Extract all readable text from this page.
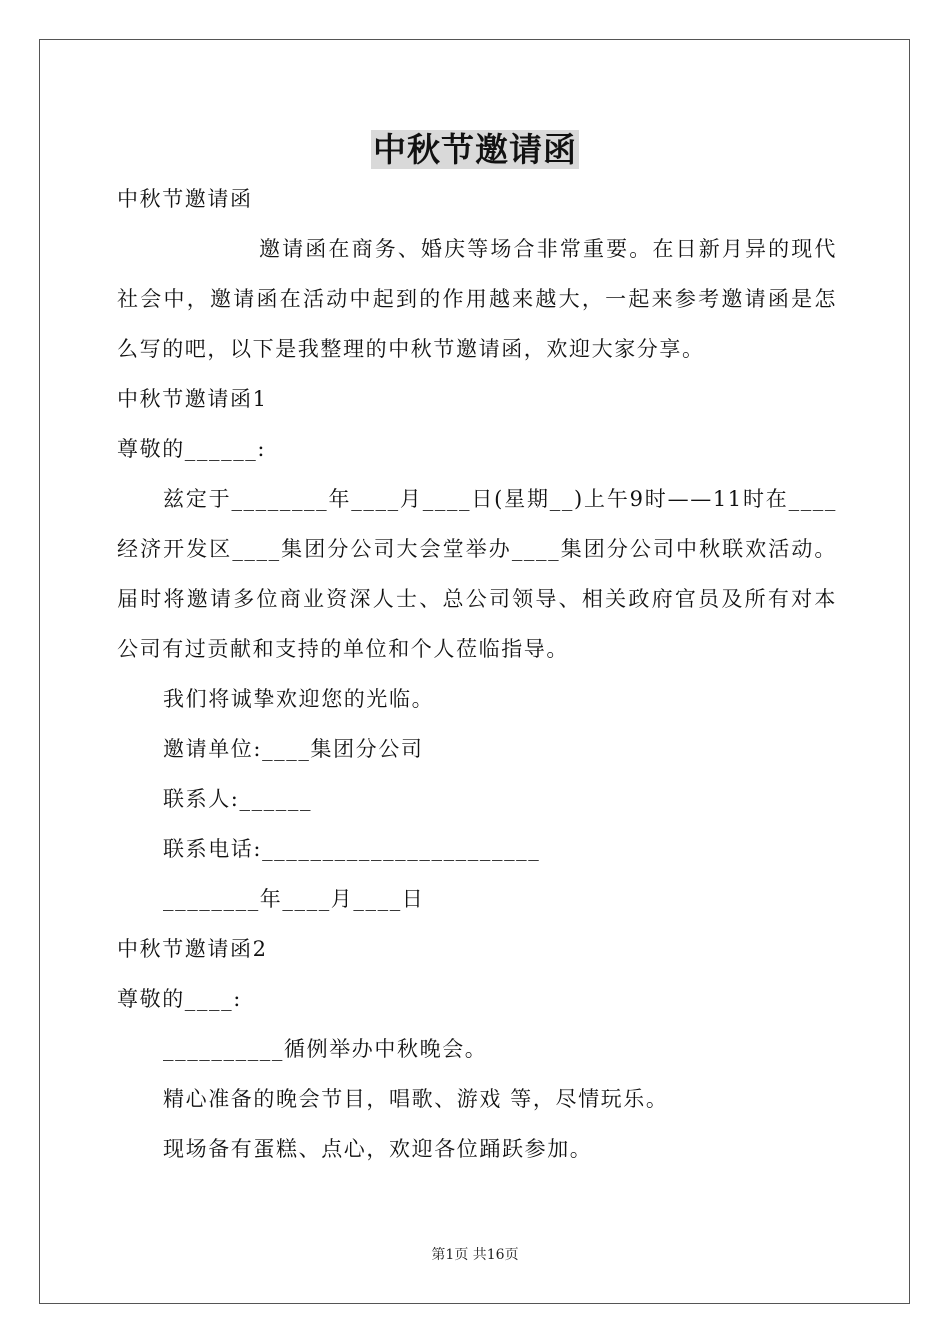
中秋节邀请函
中秋节邀请函
邀请函在商务、婚庆等场合非常重要。在日新月异的现代社会中，邀请函在活动中起到的作用越来越大，一起来参考邀请函是怎么写的吧，以下是我整理的中秋节邀请函，欢迎大家分享。
中秋节邀请函1
尊敬的______:
兹定于________年____月____日(星期__)上午9时——11时在____经济开发区____集团分公司大会堂举办____集团分公司中秋联欢活动。届时将邀请多位商业资深人士、总公司领导、相关政府官员及所有对本公司有过贡献和支持的单位和个人莅临指导。
我们将诚挚欢迎您的光临。
邀请单位:____集团分公司
联系人:______
联系电话:_______________________
________年____月____日
中秋节邀请函2
尊敬的____:
__________循例举办中秋晚会。
精心准备的晚会节目，唱歌、游戏 等，尽情玩乐。
现场备有蛋糕、点心，欢迎各位踊跃参加。
第1页 共16页
